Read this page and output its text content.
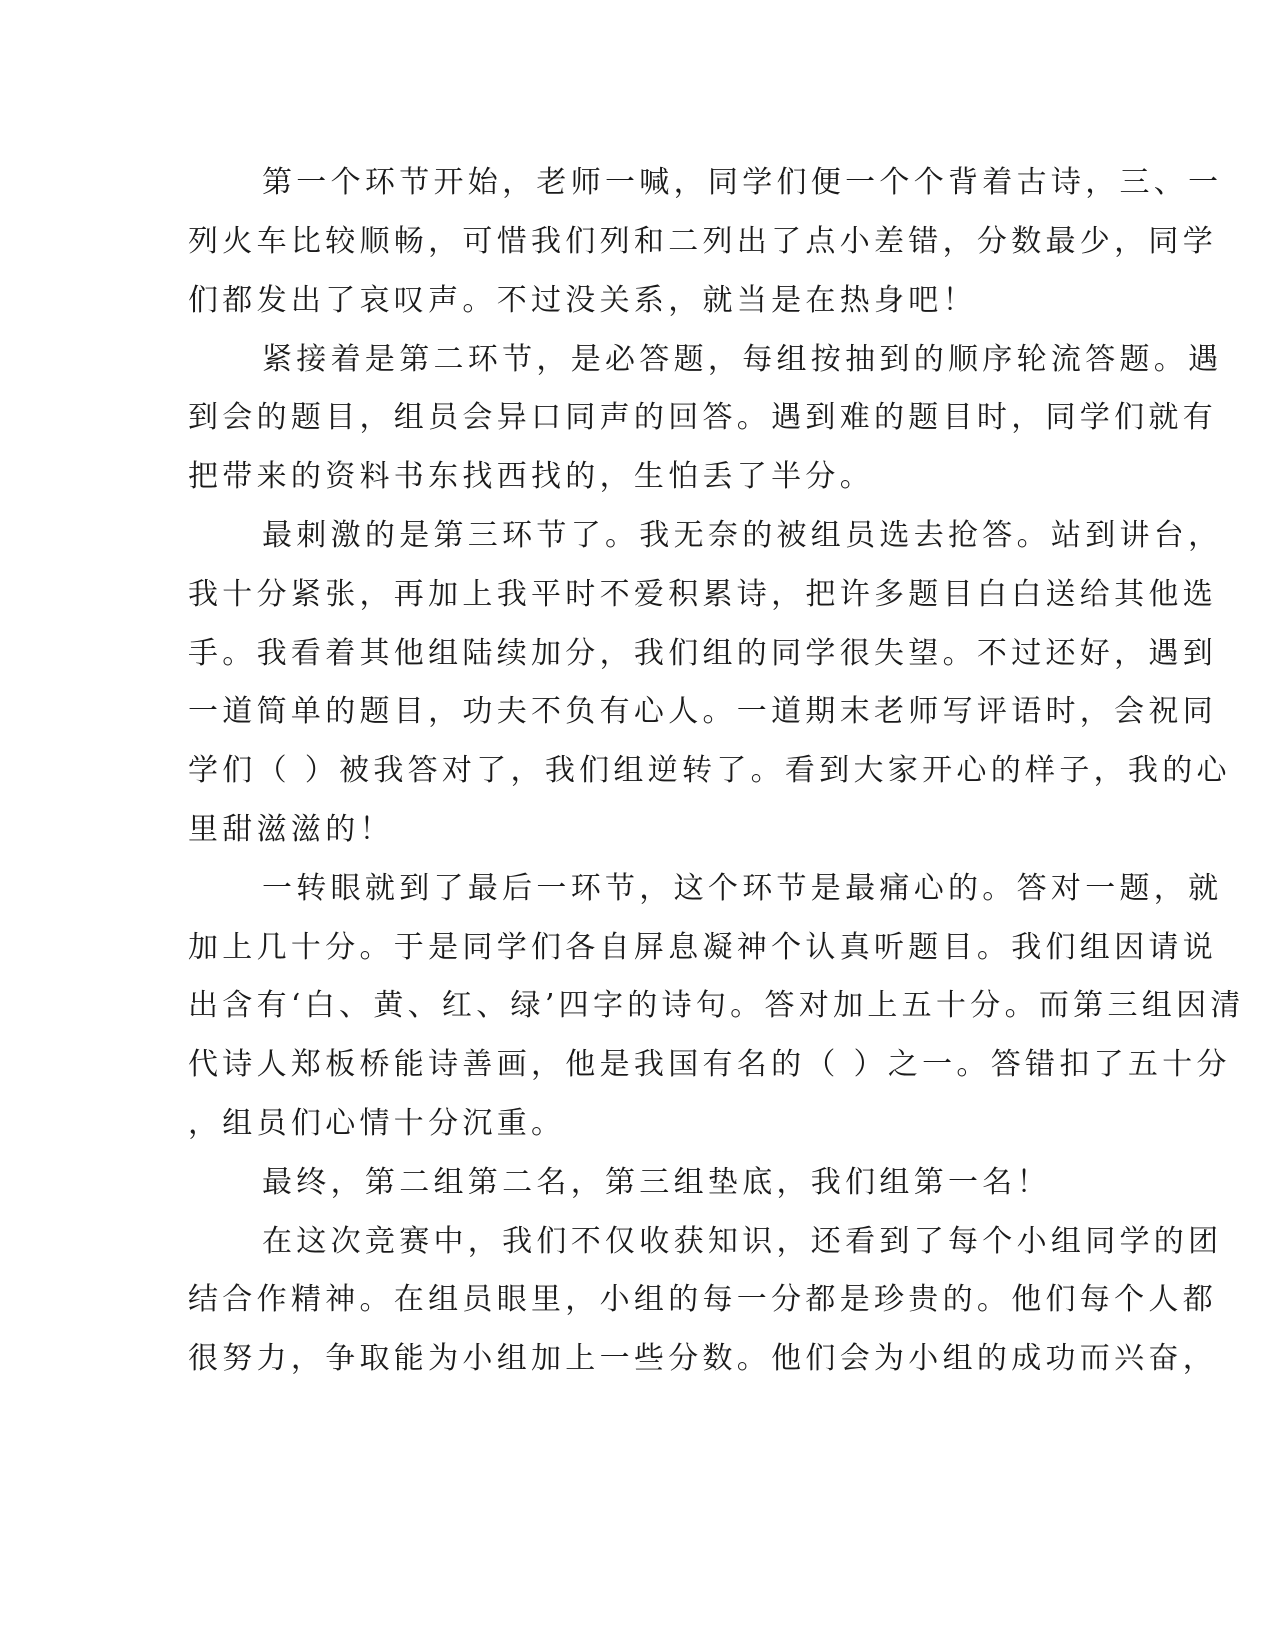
第一个环节开始，老师一喊，同学们便一个个背着古诗，三、一
列火车比较顺畅，可惜我们列和二列出了点小差错，分数最少，同学
们都发出了哀叹声。不过没关系，就当是在热身吧！
紧接着是第二环节，是必答题，每组按抽到的顺序轮流答题。遇
到会的题目，组员会异口同声的回答。遇到难的题目时，同学们就有
把带来的资料书东找西找的，生怕丢了半分。
最刺激的是第三环节了。我无奈的被组员选去抢答。站到讲台，
我十分紧张，再加上我平时不爱积累诗，把许多题目白白送给其他选
手。我看着其他组陆续加分，我们组的同学很失望。不过还好，遇到
一道简单的题目，功夫不负有心人。一道期末老师写评语时，会祝同
学们（ ）被我答对了，我们组逆转了。看到大家开心的样子，我的心
里甜滋滋的！
一转眼就到了最后一环节，这个环节是最痛心的。答对一题，就
加上几十分。于是同学们各自屏息凝神个认真听题目。我们组因请说
出含有‘白、黄、红、绿’四字的诗句。答对加上五十分。而第三组因清
代诗人郑板桥能诗善画，他是我国有名的（ ）之一。答错扣了五十分
，组员们心情十分沉重。
最终，第二组第二名，第三组垫底，我们组第一名！
在这次竞赛中，我们不仅收获知识，还看到了每个小组同学的团
结合作精神。在组员眼里，小组的每一分都是珍贵的。他们每个人都
很努力，争取能为小组加上一些分数。他们会为小组的成功而兴奋，
